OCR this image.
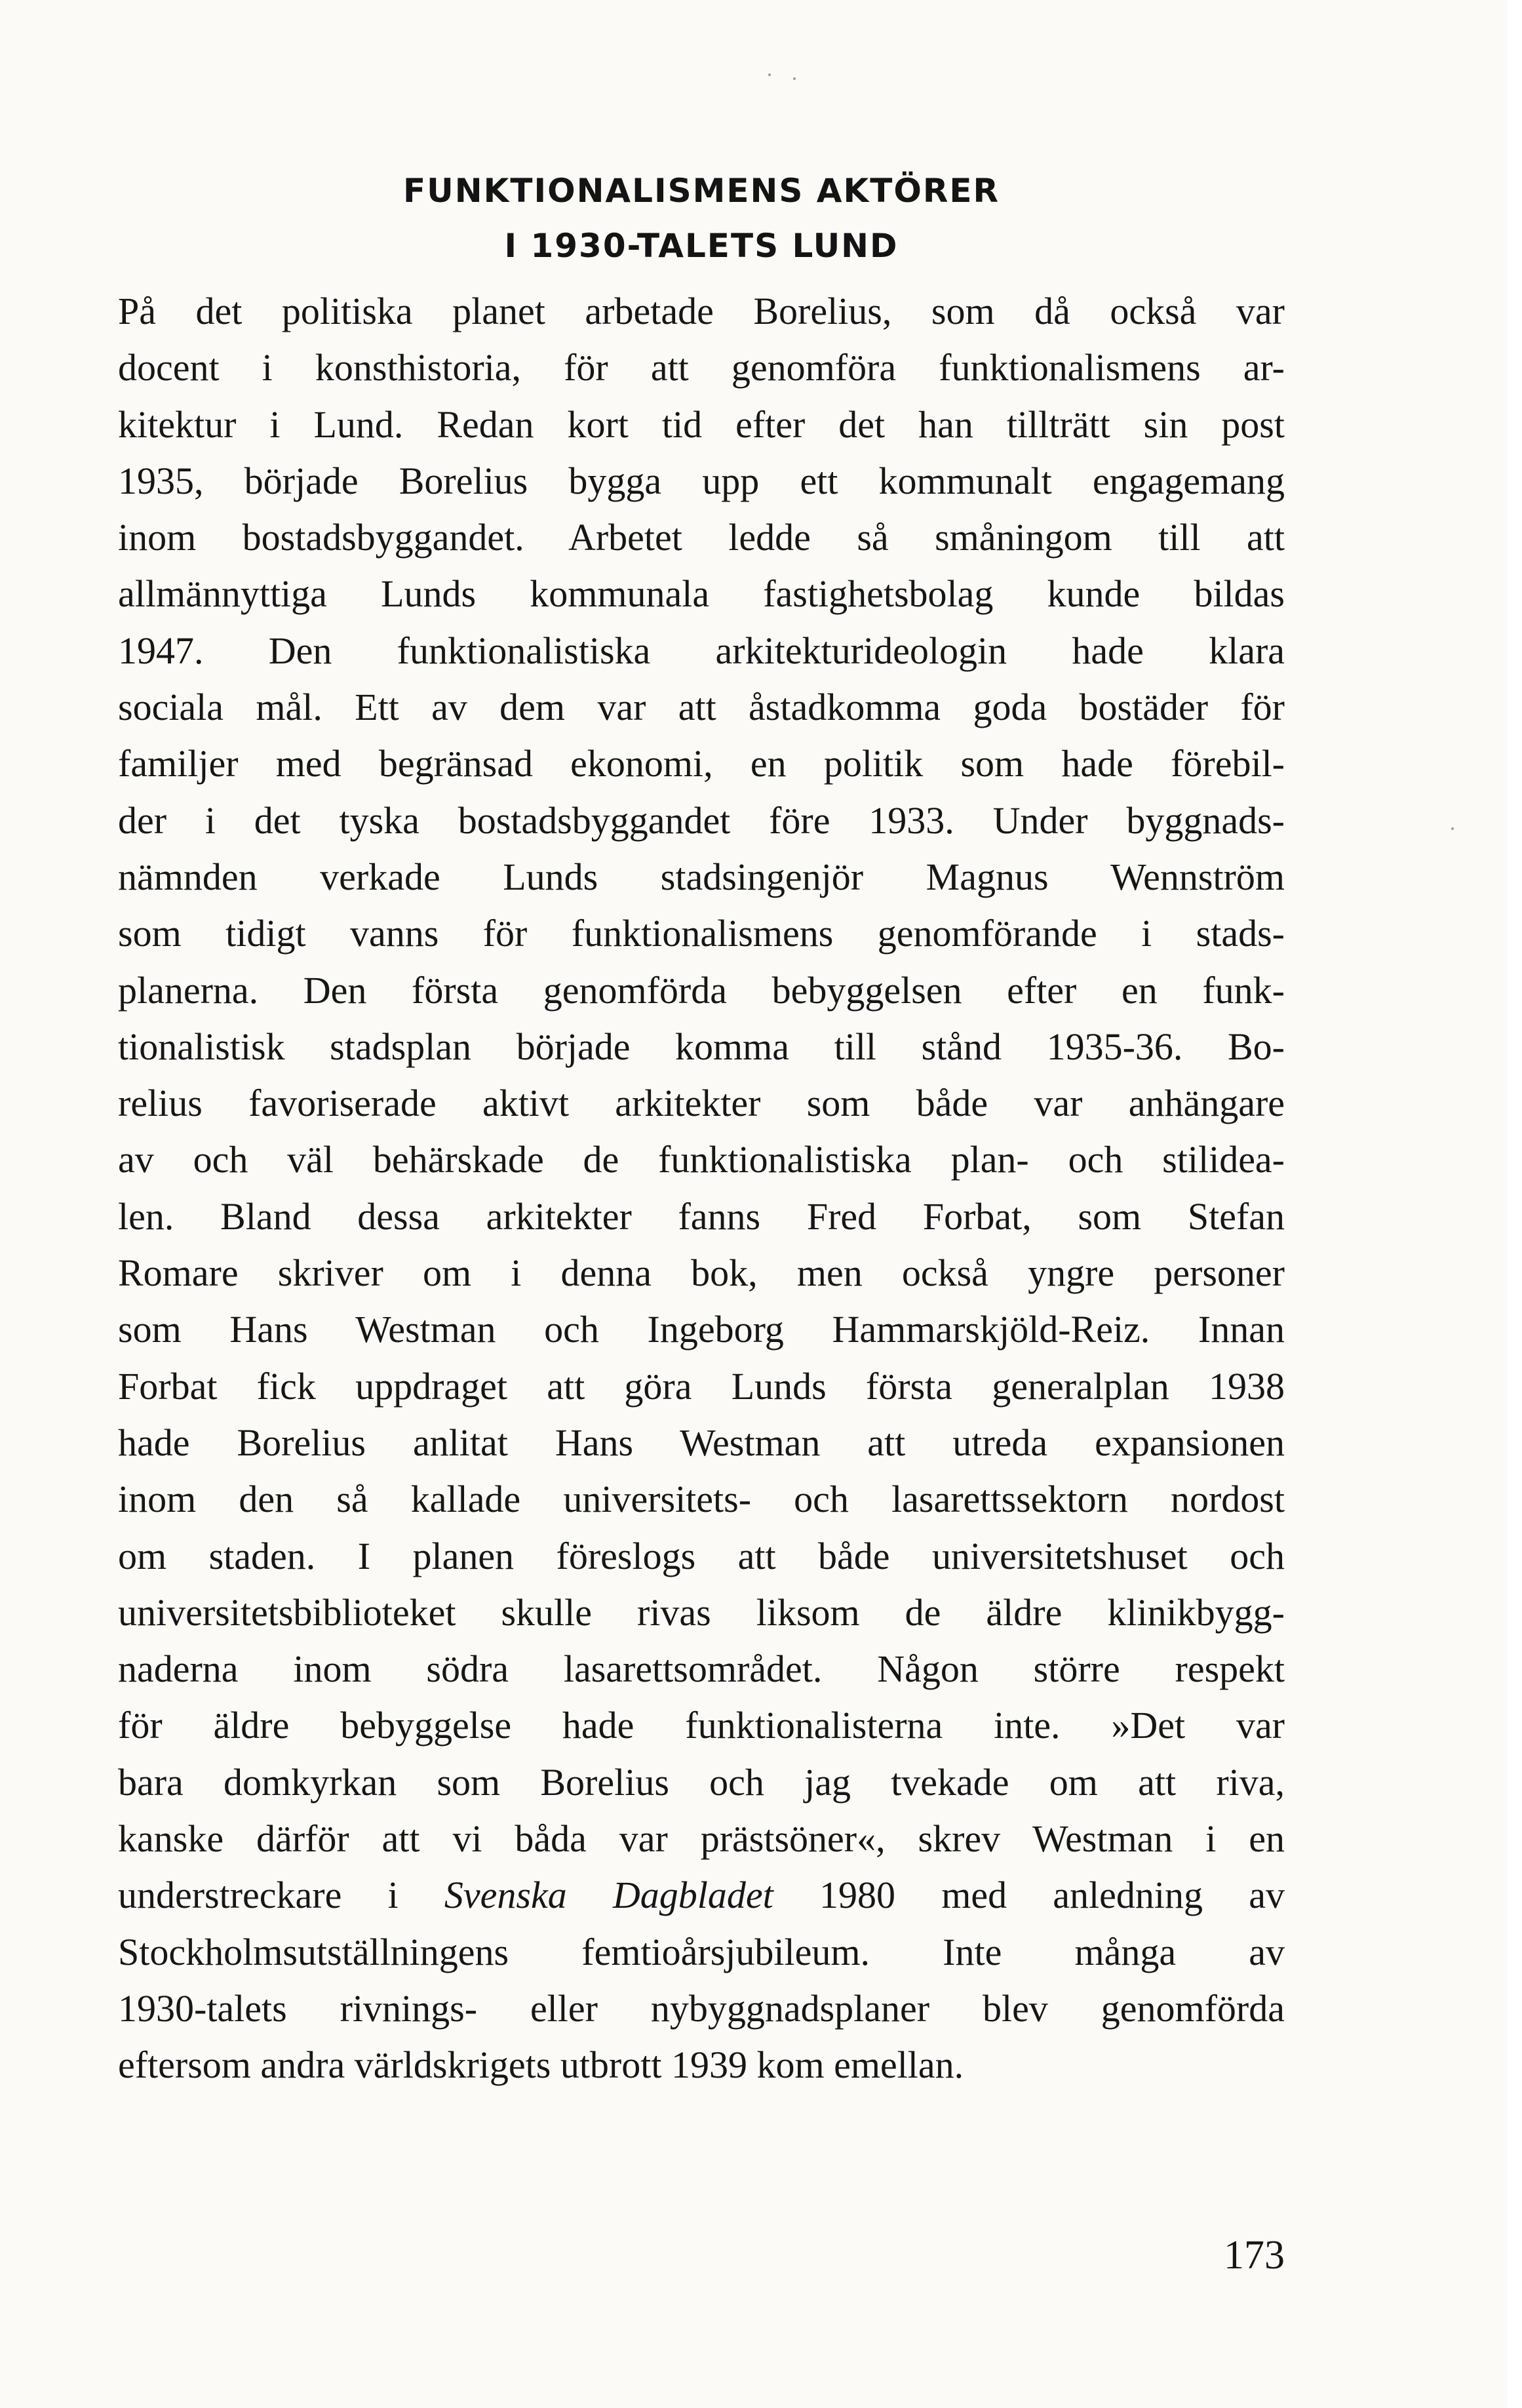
FUNKTIONALISMENS AKTÖRER
I 1930-TALETS LUND
På det politiska planet arbetade Borelius, som då också var
docent i konsthistoria, för att genomföra funktionalismens ar-
kitektur i Lund. Redan kort tid efter det han tillträtt sin post
1935, började Borelius bygga upp ett kommunalt engagemang
inom bostadsbyggandet. Arbetet ledde så småningom till att
allmännyttiga Lunds kommunala fastighetsbolag kunde bildas
1947. Den funktionalistiska arkitekturideologin hade klara
sociala mål. Ett av dem var att åstadkomma goda bostäder för
familjer med begränsad ekonomi, en politik som hade förebil-
der i det tyska bostadsbyggandet före 1933. Under byggnads-
nämnden verkade Lunds stadsingenjör Magnus Wennström
som tidigt vanns för funktionalismens genomförande i stads-
planerna. Den första genomförda bebyggelsen efter en funk-
tionalistisk stadsplan började komma till stånd 1935-36. Bo-
relius favoriserade aktivt arkitekter som både var anhängare
av och väl behärskade de funktionalistiska plan- och stilidea-
len. Bland dessa arkitekter fanns Fred Forbat, som Stefan
Romare skriver om i denna bok, men också yngre personer
som Hans Westman och Ingeborg Hammarskjöld-Reiz. Innan
Forbat fick uppdraget att göra Lunds första generalplan 1938
hade Borelius anlitat Hans Westman att utreda expansionen
inom den så kallade universitets- och lasarettssektorn nordost
om staden. I planen föreslogs att både universitetshuset och
universitetsbiblioteket skulle rivas liksom de äldre klinikbygg-
naderna inom södra lasarettsområdet. Någon större respekt
för äldre bebyggelse hade funktionalisterna inte. »Det var
bara domkyrkan som Borelius och jag tvekade om att riva,
kanske därför att vi båda var prästsöner«, skrev Westman i en
understreckare i Svenska Dagbladet 1980 med anledning av
Stockholmsutställningens femtioårsjubileum. Inte många av
1930-talets rivnings- eller nybyggnadsplaner blev genomförda
eftersom andra världskrigets utbrott 1939 kom emellan.
173
